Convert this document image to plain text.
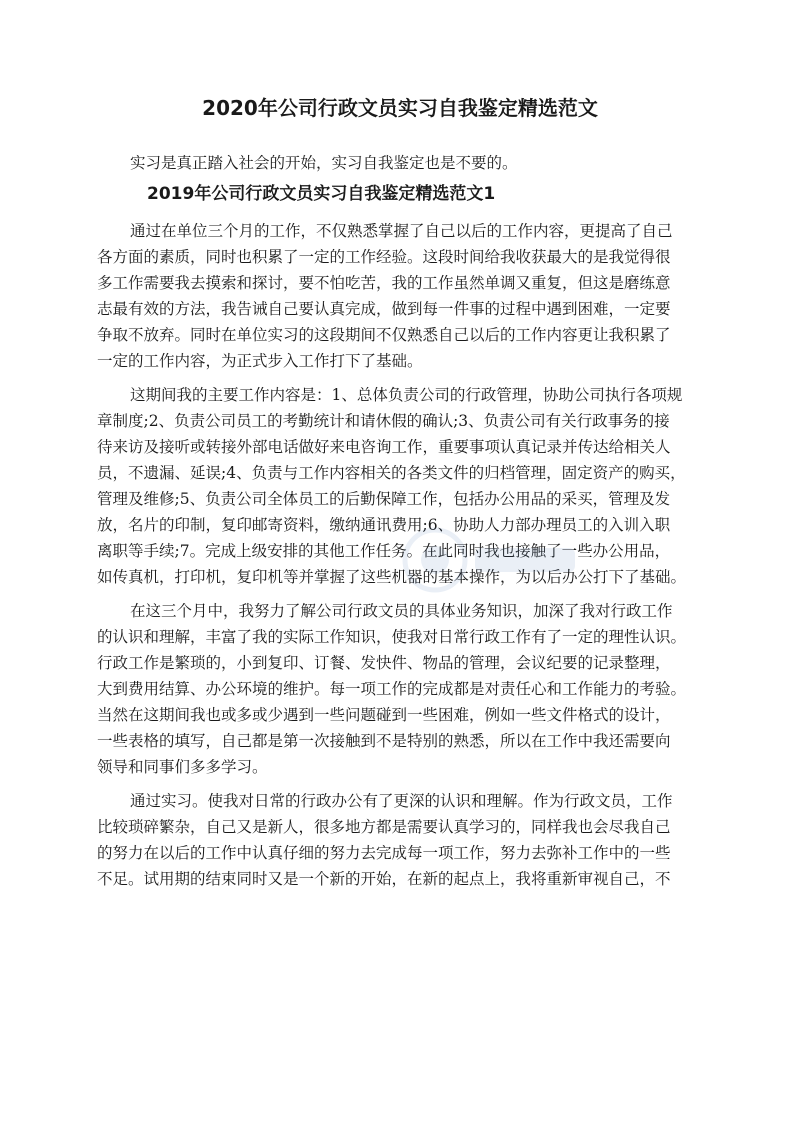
2020年公司行政文员实习自我鉴定精选范文
实习是真正踏入社会的开始，实习自我鉴定也是不要的。
2019年公司行政文员实习自我鉴定精选范文1
通过在单位三个月的工作，不仅熟悉掌握了自己以后的工作内容，更提高了自己
各方面的素质，同时也积累了一定的工作经验。这段时间给我收获最大的是我觉得很
多工作需要我去摸索和探讨，要不怕吃苦，我的工作虽然单调又重复，但这是磨练意
志最有效的方法，我告诫自己要认真完成，做到每一件事的过程中遇到困难，一定要
争取不放弃。同时在单位实习的这段期间不仅熟悉自己以后的工作内容更让我积累了
一定的工作内容，为正式步入工作打下了基础。
这期间我的主要工作内容是：1、总体负责公司的行政管理，协助公司执行各项规
章制度;2、负责公司员工的考勤统计和请休假的确认;3、负责公司有关行政事务的接
待来访及接听或转接外部电话做好来电咨询工作，重要事项认真记录并传达给相关人
员，不遗漏、延误;4、负责与工作内容相关的各类文件的归档管理，固定资产的购买，
管理及维修;5、负责公司全体员工的后勤保障工作，包括办公用品的采买，管理及发
放，名片的印制，复印邮寄资料，缴纳通讯费用;6、协助人力部办理员工的入训入职
离职等手续;7。完成上级安排的其他工作任务。在此同时我也接触了一些办公用品，
如传真机，打印机，复印机等并掌握了这些机器的基本操作，为以后办公打下了基础。
在这三个月中，我努力了解公司行政文员的具体业务知识，加深了我对行政工作
的认识和理解，丰富了我的实际工作知识，使我对日常行政工作有了一定的理性认识。
行政工作是繁琐的，小到复印、订餐、发快件、物品的管理，会议纪要的记录整理，
大到费用结算、办公环境的维护。每一项工作的完成都是对责任心和工作能力的考验。
当然在这期间我也或多或少遇到一些问题碰到一些困难，例如一些文件格式的设计，
一些表格的填写，自己都是第一次接触到不是特别的熟悉，所以在工作中我还需要向
领导和同事们多多学习。
通过实习。使我对日常的行政办公有了更深的认识和理解。作为行政文员，工作
比较琐碎繁杂，自己又是新人，很多地方都是需要认真学习的，同样我也会尽我自己
的努力在以后的工作中认真仔细的努力去完成每一项工作，努力去弥补工作中的一些
不足。试用期的结束同时又是一个新的开始，在新的起点上，我将重新审视自己，不
